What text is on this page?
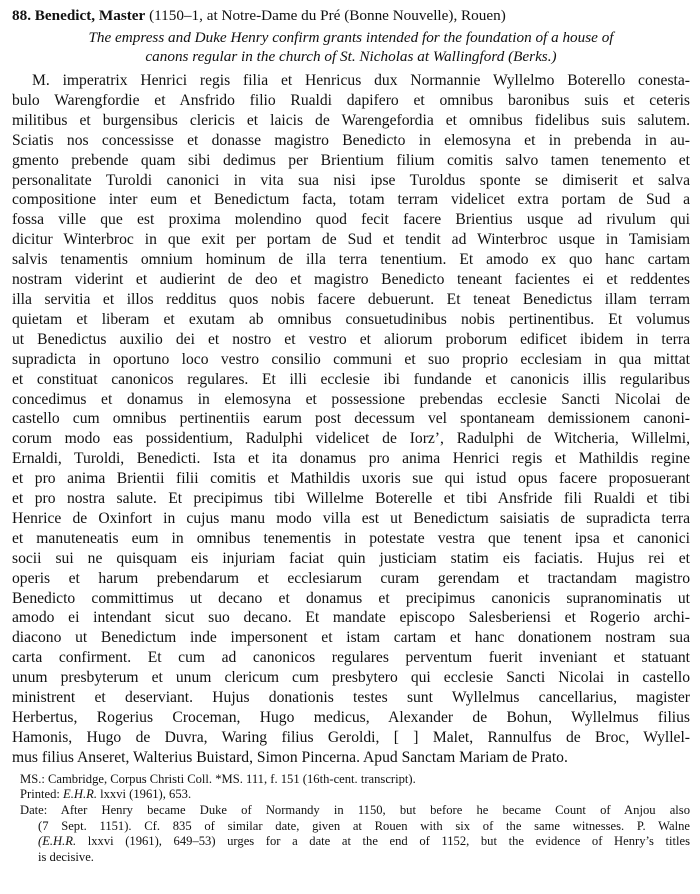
88. Benedict, Master (1150–1, at Notre-Dame du Pré (Bonne Nouvelle), Rouen)
The empress and Duke Henry confirm grants intended for the foundation of a house of
canons regular in the church of St. Nicholas at Wallingford (Berks.)
M. imperatrix Henrici regis filia et Henricus dux Normannie Wyllelmo Boterello conesta-
bulo Warengfordie et Ansfrido filio Rualdi dapifero et omnibus baronibus suis et ceteris
militibus et burgensibus clericis et laicis de Warengefordia et omnibus fidelibus suis salutem.
Sciatis nos concessisse et donasse magistro Benedicto in elemosyna et in prebenda in au-
gmento prebende quam sibi dedimus per Brientium filium comitis salvo tamen tenemento et
personalitate Turoldi canonici in vita sua nisi ipse Turoldus sponte se dimiserit et salva
compositione inter eum et Benedictum facta, totam terram videlicet extra portam de Sud a
fossa ville que est proxima molendino quod fecit facere Brientius usque ad rivulum qui
dicitur Winterbroc in que exit per portam de Sud et tendit ad Winterbroc usque in Tamisiam
salvis tenamentis omnium hominum de illa terra tenentium. Et amodo ex quo hanc cartam
nostram viderint et audierint de deo et magistro Benedicto teneant facientes ei et reddentes
illa servitia et illos redditus quos nobis facere debuerunt. Et teneat Benedictus illam terram
quietam et liberam et exutam ab omnibus consuetudinibus nobis pertinentibus. Et volumus
ut Benedictus auxilio dei et nostro et vestro et aliorum proborum edificet ibidem in terra
supradicta in oportuno loco vestro consilio communi et suo proprio ecclesiam in qua mittat
et constituat canonicos regulares. Et illi ecclesie ibi fundande et canonicis illis regularibus
concedimus et donamus in elemosyna et possessione prebendas ecclesie Sancti Nicolai de
castello cum omnibus pertinentiis earum post decessum vel spontaneam demissionem canoni-
corum modo eas possidentium, Radulphi videlicet de Iorz’, Radulphi de Witcheria, Willelmi,
Ernaldi, Turoldi, Benedicti. Ista et ita donamus pro anima Henrici regis et Mathildis regine
et pro anima Brientii filii comitis et Mathildis uxoris sue qui istud opus facere proposuerant
et pro nostra salute. Et precipimus tibi Willelme Boterelle et tibi Ansfride fili Rualdi et tibi
Henrice de Oxinfort in cujus manu modo villa est ut Benedictum saisiatis de supradicta terra
et manuteneatis eum in omnibus tenementis in potestate vestra que tenent ipsa et canonici
socii sui ne quisquam eis injuriam faciat quin justiciam statim eis faciatis. Hujus rei et
operis et harum prebendarum et ecclesiarum curam gerendam et tractandam magistro
Benedicto committimus ut decano et donamus et precipimus canonicis supranominatis ut
amodo ei intendant sicut suo decano. Et mandate episcopo Salesberiensi et Rogerio archi-
diacono ut Benedictum inde impersonent et istam cartam et hanc donationem nostram sua
carta confirment. Et cum ad canonicos regulares perventum fuerit inveniant et statuant
unum presbyterum et unum clericum cum presbytero qui ecclesie Sancti Nicolai in castello
ministrent et deserviant. Hujus donationis testes sunt Wyllelmus cancellarius, magister
Herbertus, Rogerius Croceman, Hugo medicus, Alexander de Bohun, Wyllelmus filius
Hamonis, Hugo de Duvra, Waring filius Geroldi, [ ] Malet, Rannulfus de Broc, Wyllel-
mus filius Anseret, Walterius Buistard, Simon Pincerna. Apud Sanctam Mariam de Prato.
MS.: Cambridge, Corpus Christi Coll. *MS. 111, f. 151 (16th-cent. transcript).
Printed: E.H.R. lxxvi (1961), 653.
Date: After Henry became Duke of Normandy in 1150, but before he became Count of Anjou also
(7 Sept. 1151). Cf. 835 of similar date, given at Rouen with six of the same witnesses. P. Walne
(E.H.R. lxxvi (1961), 649–53) urges for a date at the end of 1152, but the evidence of Henry’s titles
is decisive.
